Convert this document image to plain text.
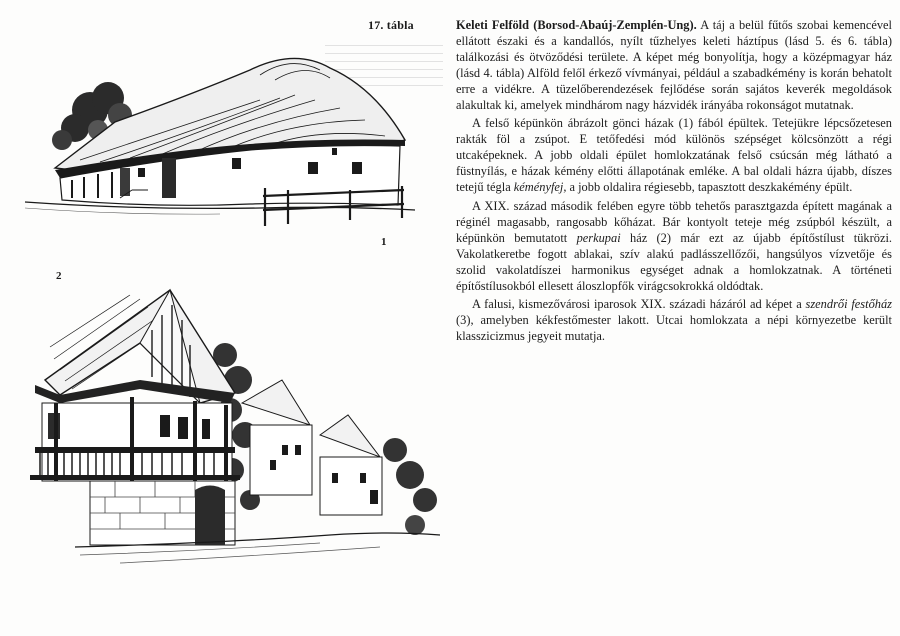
17. tábla
1
2

Keleti Felföld (Borsod-Abaúj-Zemplén-Ung). A táj a belül fűtős szobai kemencével ellátott északi és a kandallós, nyílt tűzhelyes keleti háztípus (lásd 5. és 6. tábla) találkozási és ötvöződési területe. A képet még bonyolítja, hogy a középmagyar ház (lásd 4. tábla) Alföld felől érkező vívmányai, például a szabadkémény is korán behatolt erre a vidékre. A tüzelőberendezések fejlődése során sajátos keverék megoldások alakultak ki, amelyek mindhárom nagy házvidék irányába rokonságot mutatnak.

A felső képünkön ábrázolt gönci házak (1) fából épültek. Tetejükre lépcsőzetesen rakták föl a zsúpot. E tetőfedési mód különös szépséget kölcsönzött a régi utcaképeknek. A jobb oldali épület homlokzatának felső csúcsán még látható a füstnyílás, e házak kémény előtti állapotának emléke. A bal oldali házra újabb, díszes tetejű tégla kéményfej, a jobb oldalira régiesebb, tapasztott deszkakémény épült.

A XIX. század második felében egyre több tehetős parasztgazda épített magának a réginél magasabb, rangosabb kőházat. Bár kontyolt teteje még zsúpból készült, a képünkön bemutatott perkupai ház (2) már ezt az újabb építőstílust tükrözi. Vakolatkeretbe fogott ablakai, szív alakú padlásszellőzői, hangsúlyos vízvetője és szolid vakolatdíszei harmonikus egységet adnak a homlokzatnak. A történeti építőstílusokból ellesett áloszlopfők virágcsokrokká oldódtak.

A falusi, kismezővárosi iparosok XIX. századi házáról ad képet a szendrői festőház (3), amelyben kékfestőmester lakott. Utcai homlokzata a népi környezetbe került klasszicizmus jegyeit mutatja.
